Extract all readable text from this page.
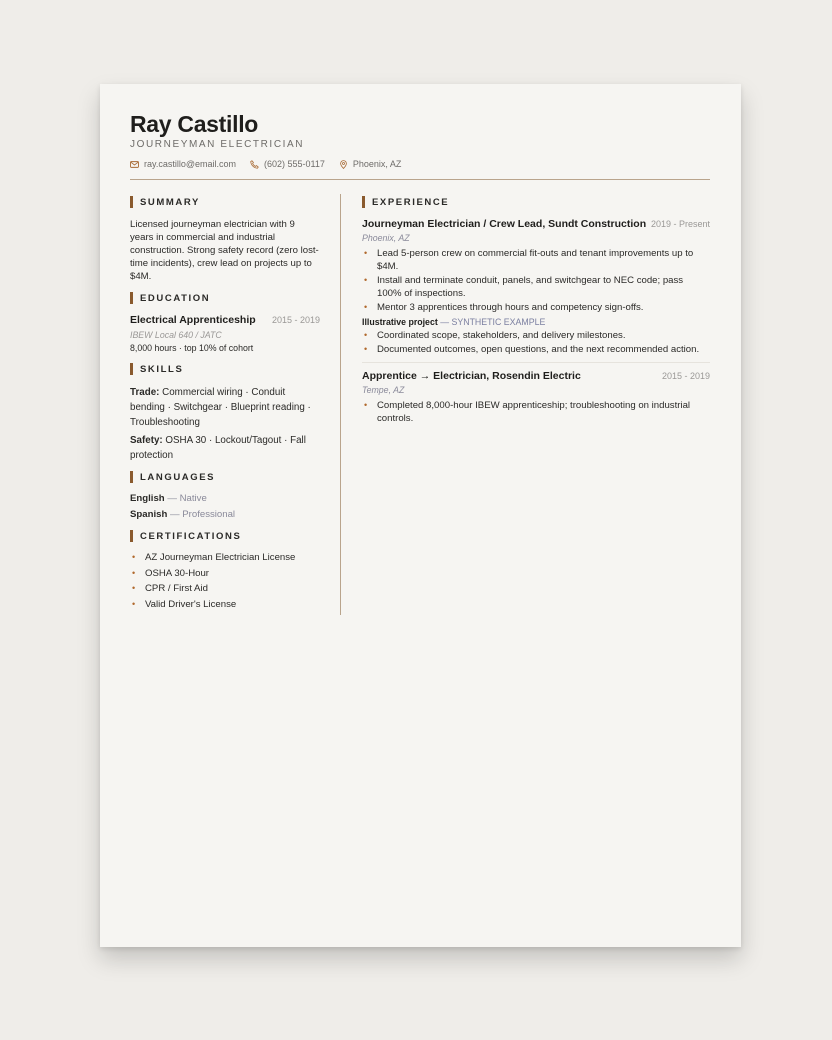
Ray Castillo
JOURNEYMAN ELECTRICIAN
ray.castillo@email.com	(602) 555-0117	Phoenix, AZ
SUMMARY
Licensed journeyman electrician with 9 years in commercial and industrial construction. Strong safety record (zero lost-time incidents), crew lead on projects up to $4M.
EDUCATION
Electrical Apprenticeship 2015 - 2019
IBEW Local 640 / JATC
8,000 hours · top 10% of cohort
SKILLS
Trade: Commercial wiring · Conduit bending · Switchgear · Blueprint reading · Troubleshooting
Safety: OSHA 30 · Lockout/Tagout · Fall protection
LANGUAGES
English — Native
Spanish — Professional
CERTIFICATIONS
• AZ Journeyman Electrician License
• OSHA 30-Hour
• CPR / First Aid
• Valid Driver's License
EXPERIENCE
Journeyman Electrician / Crew Lead, Sundt Construction 2019 - Present
Phoenix, AZ
• Lead 5-person crew on commercial fit-outs and tenant improvements up to $4M.
• Install and terminate conduit, panels, and switchgear to NEC code; pass 100% of inspections.
• Mentor 3 apprentices through hours and competency sign-offs.
Illustrative project — SYNTHETIC EXAMPLE
• Coordinated scope, stakeholders, and delivery milestones.
• Documented outcomes, open questions, and the next recommended action.
Apprentice → Electrician, Rosendin Electric	2015 - 2019
Tempe, AZ
• Completed 8,000-hour IBEW apprenticeship; troubleshooting on industrial controls.
